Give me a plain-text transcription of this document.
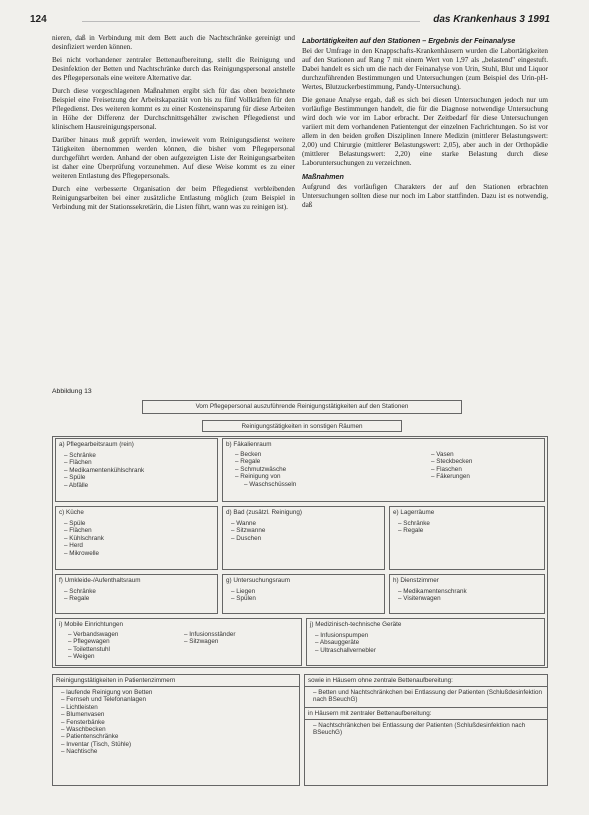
124	das Krankenhaus 3 1991

nieren, daß in Verbindung mit dem Bett auch die Nachtschränke gereinigt und desinfiziert werden können.

Bei nicht vorhandener zentraler Bettenaufbereitung, stellt die Reinigung und Desinfektion der Betten und Nachtschränke durch das Reinigungspersonal anstelle des Pflegepersonals eine weitere Alternative dar.

Durch diese vorgeschlagenen Maßnahmen ergibt sich für das oben bezeichnete Beispiel eine Freisetzung der Arbeitskapazität von bis zu fünf Vollkräften für den Pflegedienst. Des weiteren kommt es zu einer Kosteneinsparung für diese Arbeiten in Höhe der Differenz der Durchschnittsgehälter zwischen Pflegedienst und klinischem Hausreinigungspersonal.

Darüber hinaus muß geprüft werden, inwieweit vom Reinigungsdienst weitere Tätigkeiten übernommen werden können, die bisher vom Pflegepersonal durchgeführt werden. Anhand der oben aufgezeigten Liste der Reinigungsarbeiten ist daher eine Überprüfung vorzunehmen. Auf diese Weise kommt es zu einer weiteren Entlastung des Pflegepersonals.

Durch eine verbesserte Organisation der beim Pflegedienst verbleibenden Reinigungsarbeiten bei einer zusätzliche Entlastung möglich (zum Beispiel in Verbindung mit der Stationssekretärin, die Listen führt, wann was zu reinigen ist).

Labortätigkeiten auf den Stationen – Ergebnis der Feinanalyse

Bei der Umfrage in den Knappschafts-Krankenhäusern wurden die Labortätigkeiten auf den Stationen auf Rang 7 mit einem Wert von 1,97 als „belastend" eingestuft. Dabei handelt es sich um die nach der Feinanalyse von Urin, Stuhl, Blut und Liquor durchzuführenden Bestimmungen und Untersuchungen (zum Beispiel des Urin-pH-Wertes, Blutzuckerbestimmung, Pandy-Untersuchung).

Die genaue Analyse ergab, daß es sich bei diesen Untersuchungen jedoch nur um vorläufige Bestimmungen handelt, die für die Diagnose notwendige Untersuchung wird doch wie vor im Labor erbracht. Der Zeitbedarf für diese Untersuchungen variiert mit dem vorhandenen Patientengut der einzelnen Fachrichtungen. So ist vor allem in den beiden großen Disziplinen Innere Medizin (mittlerer Belastungswert: 2,00) und Chirurgie (mittlerer Belastungswert: 2,05), aber auch in der Orthopädie (mittlerer Belastungswert: 2,20) eine starke Belastung durch diese Laboruntersuchungen zu verzeichnen.

Maßnahmen

Aufgrund des vorläufigen Charakters der auf den Stationen erbrachten Untersuchungen sollten diese nur noch im Labor stattfinden. Dazu ist es notwendig, daß

Abbildung 13
Vom Pflegepersonal auszuführende Reinigungstätigkeiten auf den Stationen
Reinigungstätigkeiten in sonstigen Räumen
a) Pflegearbeitsraum (rein)
– Schränke
– Flächen
– Medikamentenkühlschrank
– Spüle
– Abfälle
b) Fäkalienraum
– Becken
– Regale
– Schmutzwäsche
– Reinigung von
– Waschschüsseln
– Vasen
– Steckbecken
– Flaschen
– Fäkerungen
c) Küche
– Spüle
– Flächen
– Kühlschrank
– Herd
– Mikrowelle
d) Bad (zusätzl. Reinigung)
– Wanne
– Sitzwanne
– Duschen
e) Lagerräume
– Schränke
– Regale
f) Umkleide-/Aufenthaltsraum
– Schränke
– Regale
g) Untersuchungsraum
– Liegen
– Spülen
h) Dienstzimmer
– Medikamentenschrank
– Visitenwagen
i) Mobile Einrichtungen
– Verbandswagen
– Pflegewagen
– Toilettenstuhl
– Weigen
– Infusionsständer
– Sitzwagen
j) Medizinisch-technische Geräte
– Infusionspumpen
– Absauggeräte
– Ultraschallvernebler
Reinigungstätigkeiten in Patientenzimmern
– laufende Reinigung von Betten
– Fernseh und Telefonanlagen
– Lichtleisten
– Blumenvasen
– Fensterbänke
– Waschbecken
– Patientenschränke
– Inventar (Tisch, Stühle)
– Nachtische
sowie in Häusern ohne zentrale Bettenaufbereitung:
– Betten und Nachtschränkchen bei Entlassung der Patienten (Schlußdesinfektion nach BSeuchG)
in Häusern mit zentraler Bettenaufbereitung:
– Nachtschränkchen bei Entlassung der Patienten (Schlußdesinfektion nach BSeuchG)
